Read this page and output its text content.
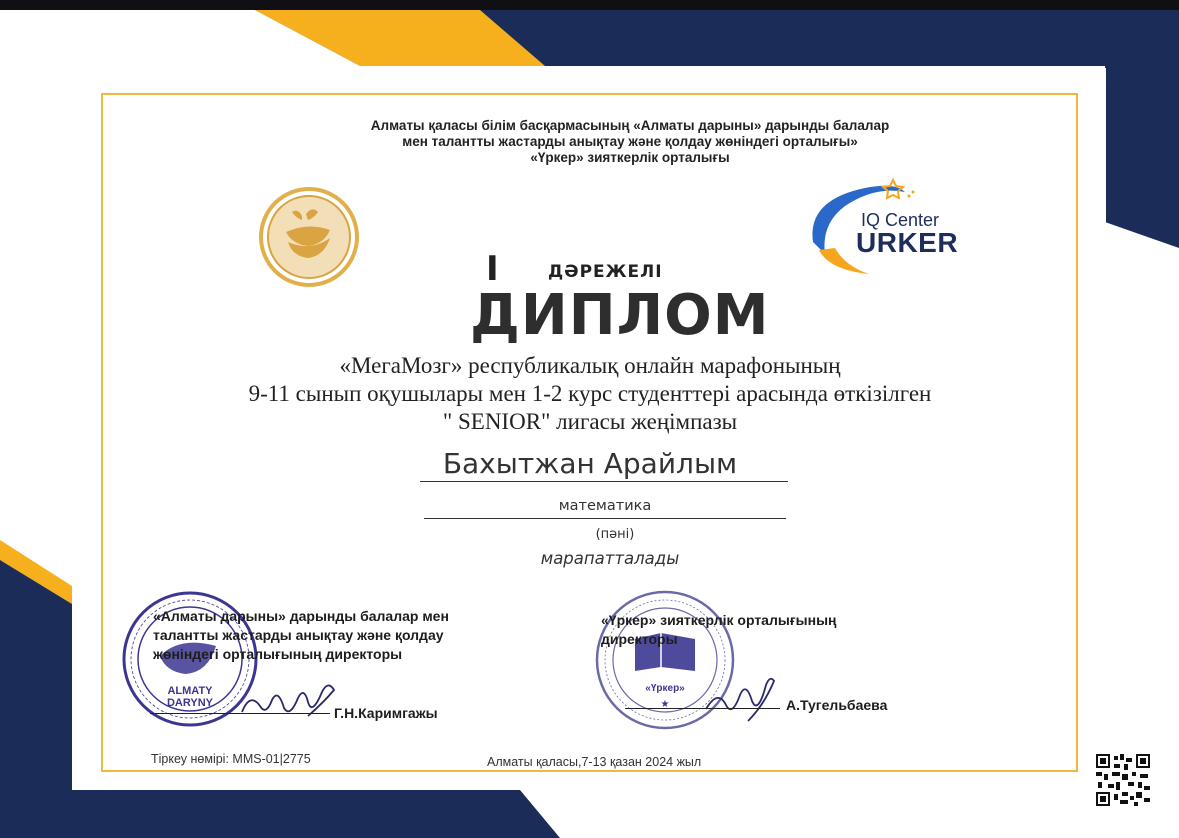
Алматы қаласы білім басқармасының «Алматы дарыны» дарынды балалар
мен талантты жастарды анықтау және қолдау жөніндегі орталығы»
«Үркер» зияткерлік орталығы
IQ Center
URKER
I	ДӘРЕЖЕЛІ
ДИПЛОМ
«МегаМозг» республикалық онлайн марафонының
9-11 сынып оқушылары мен 1-2 курс студенттері арасында өткізілген
" SENIOR" лигасы жеңімпазы
Бахытжан Арайлым
математика
(пәні)
марапатталады
ALMATY
DARYNY
«Үркер»
★
«Алматы дарыны» дарынды балалар мен талантты жастарды анықтау және қолдау жөніндегі орталығының директоры
Г.Н.Каримгажы
«Үркер» зияткерлік орталығының директоры
А.Тугельбаева
Тіркеу нөмірі: MMS-01|2775	Алматы қаласы,7-13 қазан 2024 жыл
